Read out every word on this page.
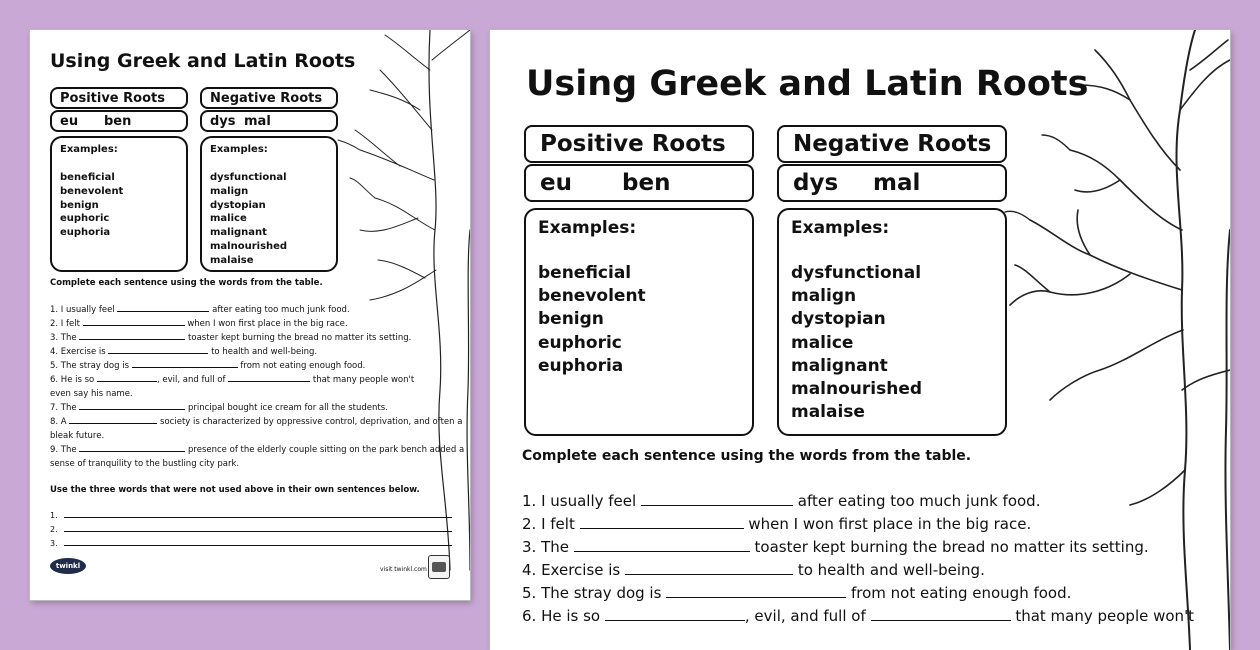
Using Greek and Latin Roots
Positive Roots	Negative Roots
eu ben	dys mal
Examples:
beneficial
benevolent
benign
euphoric
euphoria
Examples:
dysfunctional
malign
dystopian
malice
malignant
malnourished
malaise
Complete each sentence using the words from the table.
1. I usually feel	after eating too much junk food.
2. I felt	when I won first place in the big race.
3. The	toaster kept burning the bread no matter its setting.
4. Exercise is	to health and well-being.
5. The stray dog is	from not eating enough food.
6. He is so	, evil, and full of	that many people won't
even say his name.
7. The	principal bought ice cream for all the students.
8. A	society is characterized by oppressive control, deprivation, and often a
bleak future.
9. The	presence of the elderly couple sitting on the park bench added a
sense of tranquility to the bustling city park.
Use the three words that were not used above in their own sentences below.
1.
2.
3.
twinkl	visit twinkl.com
Using Greek and Latin Roots
Positive Roots	Negative Roots
eu ben	dys mal
Examples:
beneficial
benevolent
benign
euphoric
euphoria
Examples:
dysfunctional
malign
dystopian
malice
malignant
malnourished
malaise
Complete each sentence using the words from the table.
1. I usually feel	after eating too much junk food.
2. I felt	when I won first place in the big race.
3. The	toaster kept burning the bread no matter its setting.
4. Exercise is	to health and well-being.
5. The stray dog is	from not eating enough food.
6. He is so	, evil, and full of	that many people won't
